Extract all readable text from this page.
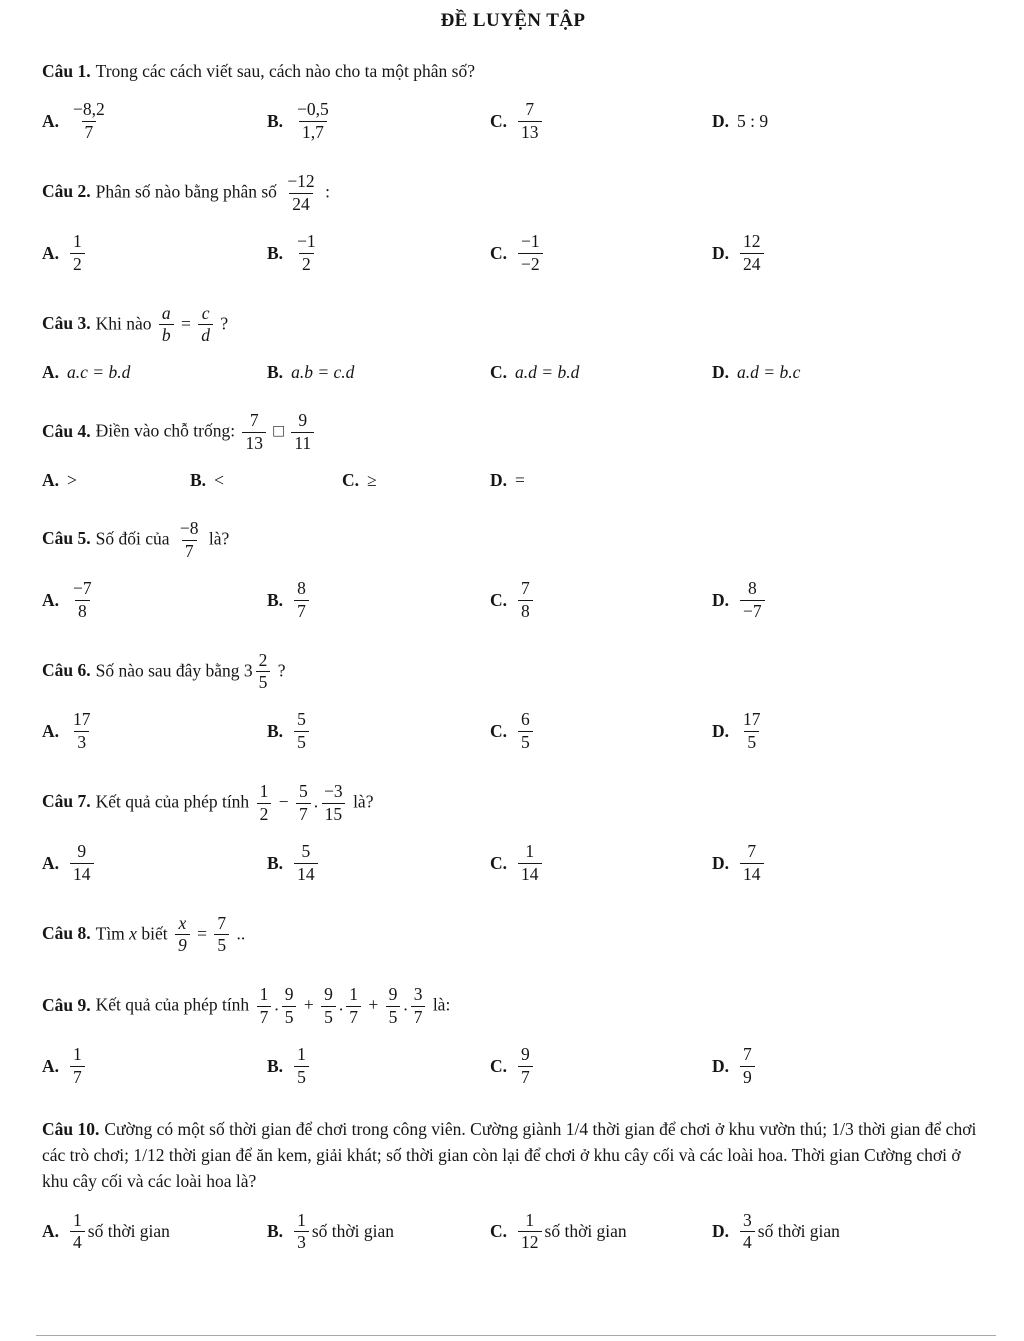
ĐỀ LUYỆN TẬP

Câu 1. Trong các cách viết sau, cách nào cho ta một phân số?

A. $\frac{-8,2}{7}$	B. $\frac{-0,5}{1,7}$	C. $\frac{7}{13}$	D. 5 : 9

Câu 2. Phân số nào bằng phân số $\frac{-12}{24}$ :

A. $\frac{1}{2}$	B. $\frac{-1}{2}$	C. $\frac{-1}{-2}$	D. $\frac{12}{24}$

Câu 3. Khi nào $\frac{a}{b} = \frac{c}{d}$ ?

A. a.c = b.d	B. a.b = c.d	C. a.d = b.d	D. a.d = b.c

Câu 4. Điền vào chỗ trống: $\frac{7}{13}$ □ $\frac{9}{11}$

A. >	B. <	C. ≥	D. =

Câu 5. Số đối của $\frac{-8}{7}$ là?

A. $\frac{-7}{8}$	B. $\frac{8}{7}$	C. $\frac{7}{8}$	D. $\frac{8}{-7}$

Câu 6. Số nào sau đây bằng $3 \frac{2}{5}$ ?

A. $\frac{17}{3}$	B. $\frac{5}{5}$	C. $\frac{6}{5}$	D. $\frac{17}{5}$

Câu 7. Kết quả của phép tính $\frac{1}{2} - \frac{5}{7}$ . $\frac{-3}{15}$ là?

A. $\frac{9}{14}$	B. $\frac{5}{14}$	C. $\frac{1}{14}$	D. $\frac{7}{14}$

Câu 8. Tìm x biết $\frac{x}{9} = \frac{7}{5}$ ..

Câu 9. Kết quả của phép tính $\frac{1}{7}$ . $\frac{9}{5} + \frac{9}{5}$ . $\frac{1}{7} + \frac{9}{5}$ . $\frac{3}{7}$ là:

A. $\frac{1}{7}$	B. $\frac{1}{5}$	C. $\frac{9}{7}$	D. $\frac{7}{9}$

Câu 10. Cường có một số thời gian để chơi trong công viên. Cường giành 1/4 thời gian để chơi ở khu vườn thú; 1/3 thời gian để chơi các trò chơi; 1/12 thời gian để ăn kem, giải khát; số thời gian còn lại để chơi ở khu cây cối và các loài hoa. Thời gian Cường chơi ở khu cây cối và các loài hoa là?

A. $\frac{1}{4}$ số thời gian	B. $\frac{1}{3}$ số thời gian	C. $\frac{1}{12}$ số thời gian	D. $\frac{3}{4}$ số thời gian
